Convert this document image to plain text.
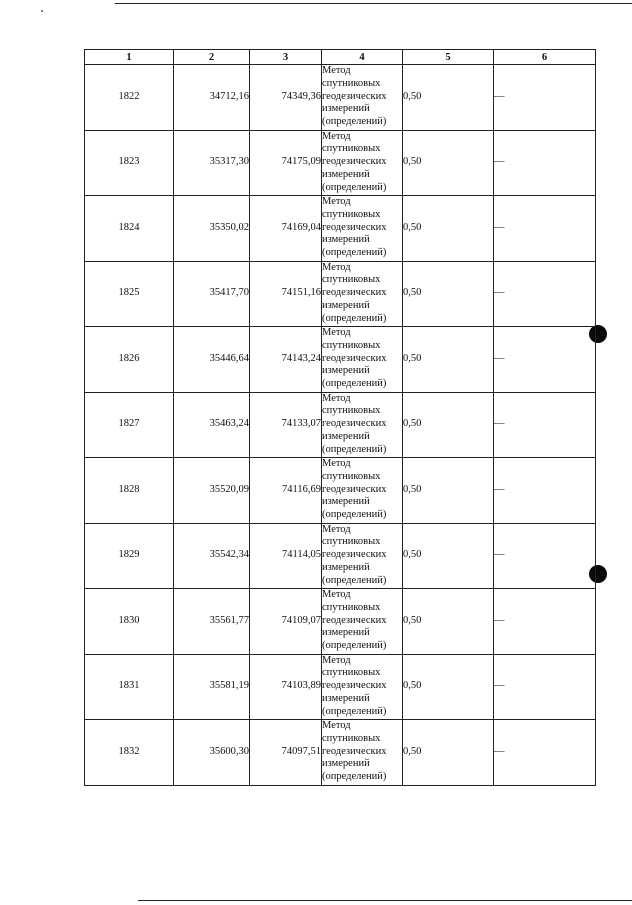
1	2	3	4	5	6
1822	34712,16	74349,36	Метод
спутниковых
геодезических
измерений
(определений)	0,50	—
1823	35317,30	74175,09	Метод
спутниковых
геодезических
измерений
(определений)	0,50	—
1824	35350,02	74169,04	Метод
спутниковых
геодезических
измерений
(определений)	0,50	—
1825	35417,70	74151,16	Метод
спутниковых
геодезических
измерений
(определений)	0,50	—
1826	35446,64	74143,24	Метод
спутниковых
геодезических
измерений
(определений)	0,50	—
1827	35463,24	74133,07	Метод
спутниковых
геодезических
измерений
(определений)	0,50	—
1828	35520,09	74116,69	Метод
спутниковых
геодезических
измерений
(определений)	0,50	—
1829	35542,34	74114,05	Метод
спутниковых
геодезических
измерений
(определений)	0,50	—
1830	35561,77	74109,07	Метод
спутниковых
геодезических
измерений
(определений)	0,50	—
1831	35581,19	74103,89	Метод
спутниковых
геодезических
измерений
(определений)	0,50	—
1832	35600,30	74097,51	Метод
спутниковых
геодезических
измерений
(определений)	0,50	—
